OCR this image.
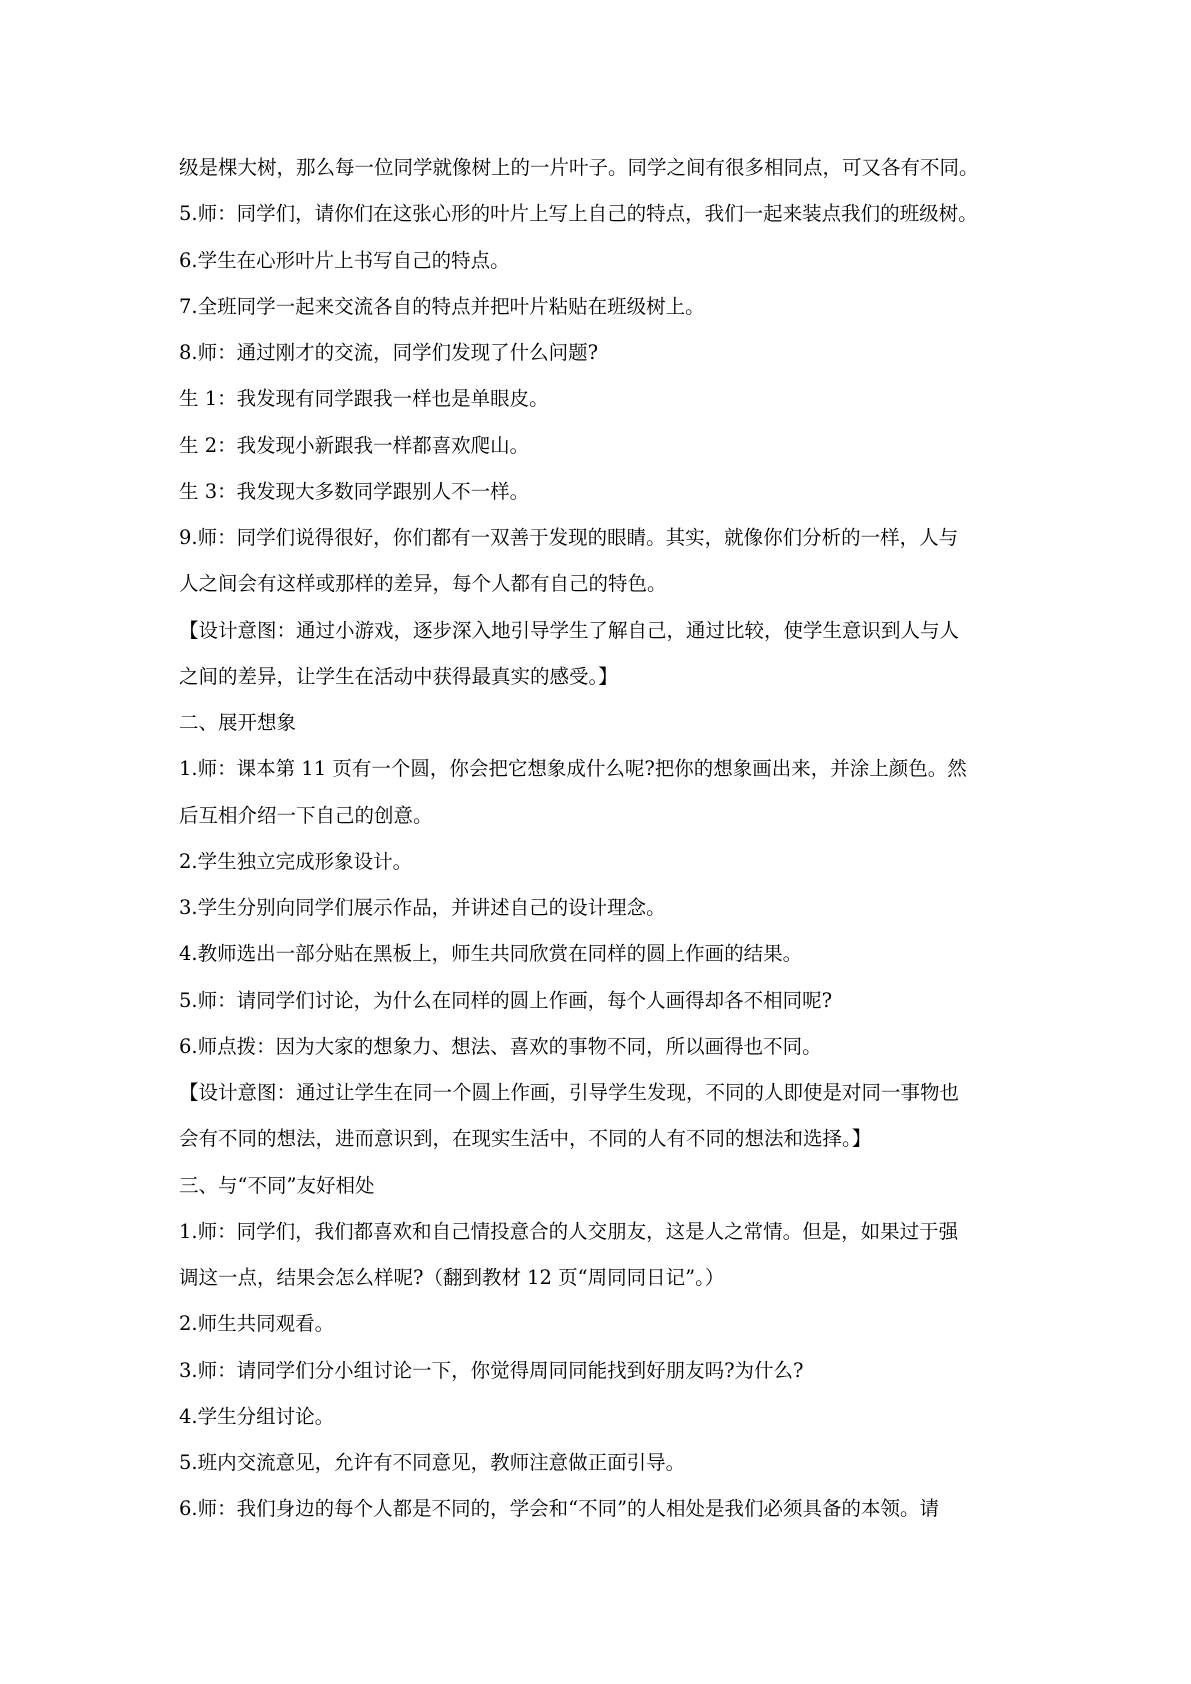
级是棵大树，那么每一位同学就像树上的一片叶子。同学之间有很多相同点，可又各有不同。
5.师：同学们，请你们在这张心形的叶片上写上自己的特点，我们一起来装点我们的班级树。
6.学生在心形叶片上书写自己的特点。
7.全班同学一起来交流各自的特点并把叶片粘贴在班级树上。
8.师：通过刚才的交流，同学们发现了什么问题?
生 1：我发现有同学跟我一样也是单眼皮。
生 2：我发现小新跟我一样都喜欢爬山。
生 3：我发现大多数同学跟别人不一样。
9.师：同学们说得很好，你们都有一双善于发现的眼睛。其实，就像你们分析的一样，人与
人之间会有这样或那样的差异，每个人都有自己的特色。
【设计意图：通过小游戏，逐步深入地引导学生了解自己，通过比较，使学生意识到人与人
之间的差异，让学生在活动中获得最真实的感受。】
二、展开想象
1.师：课本第 11 页有一个圆，你会把它想象成什么呢?把你的想象画出来，并涂上颜色。然
后互相介绍一下自己的创意。
2.学生独立完成形象设计。
3.学生分别向同学们展示作品，并讲述自己的设计理念。
4.教师选出一部分贴在黑板上，师生共同欣赏在同样的圆上作画的结果。
5.师：请同学们讨论，为什么在同样的圆上作画，每个人画得却各不相同呢?
6.师点拨：因为大家的想象力、想法、喜欢的事物不同，所以画得也不同。
【设计意图：通过让学生在同一个圆上作画，引导学生发现，不同的人即使是对同一事物也
会有不同的想法，进而意识到，在现实生活中，不同的人有不同的想法和选择。】
三、与“不同”友好相处
1.师：同学们，我们都喜欢和自己情投意合的人交朋友，这是人之常情。但是，如果过于强
调这一点，结果会怎么样呢?（翻到教材 12 页“周同同日记”。）
2.师生共同观看。
3.师：请同学们分小组讨论一下，你觉得周同同能找到好朋友吗?为什么?
4.学生分组讨论。
5.班内交流意见，允许有不同意见，教师注意做正面引导。
6.师：我们身边的每个人都是不同的，学会和“不同”的人相处是我们必须具备的本领。请
